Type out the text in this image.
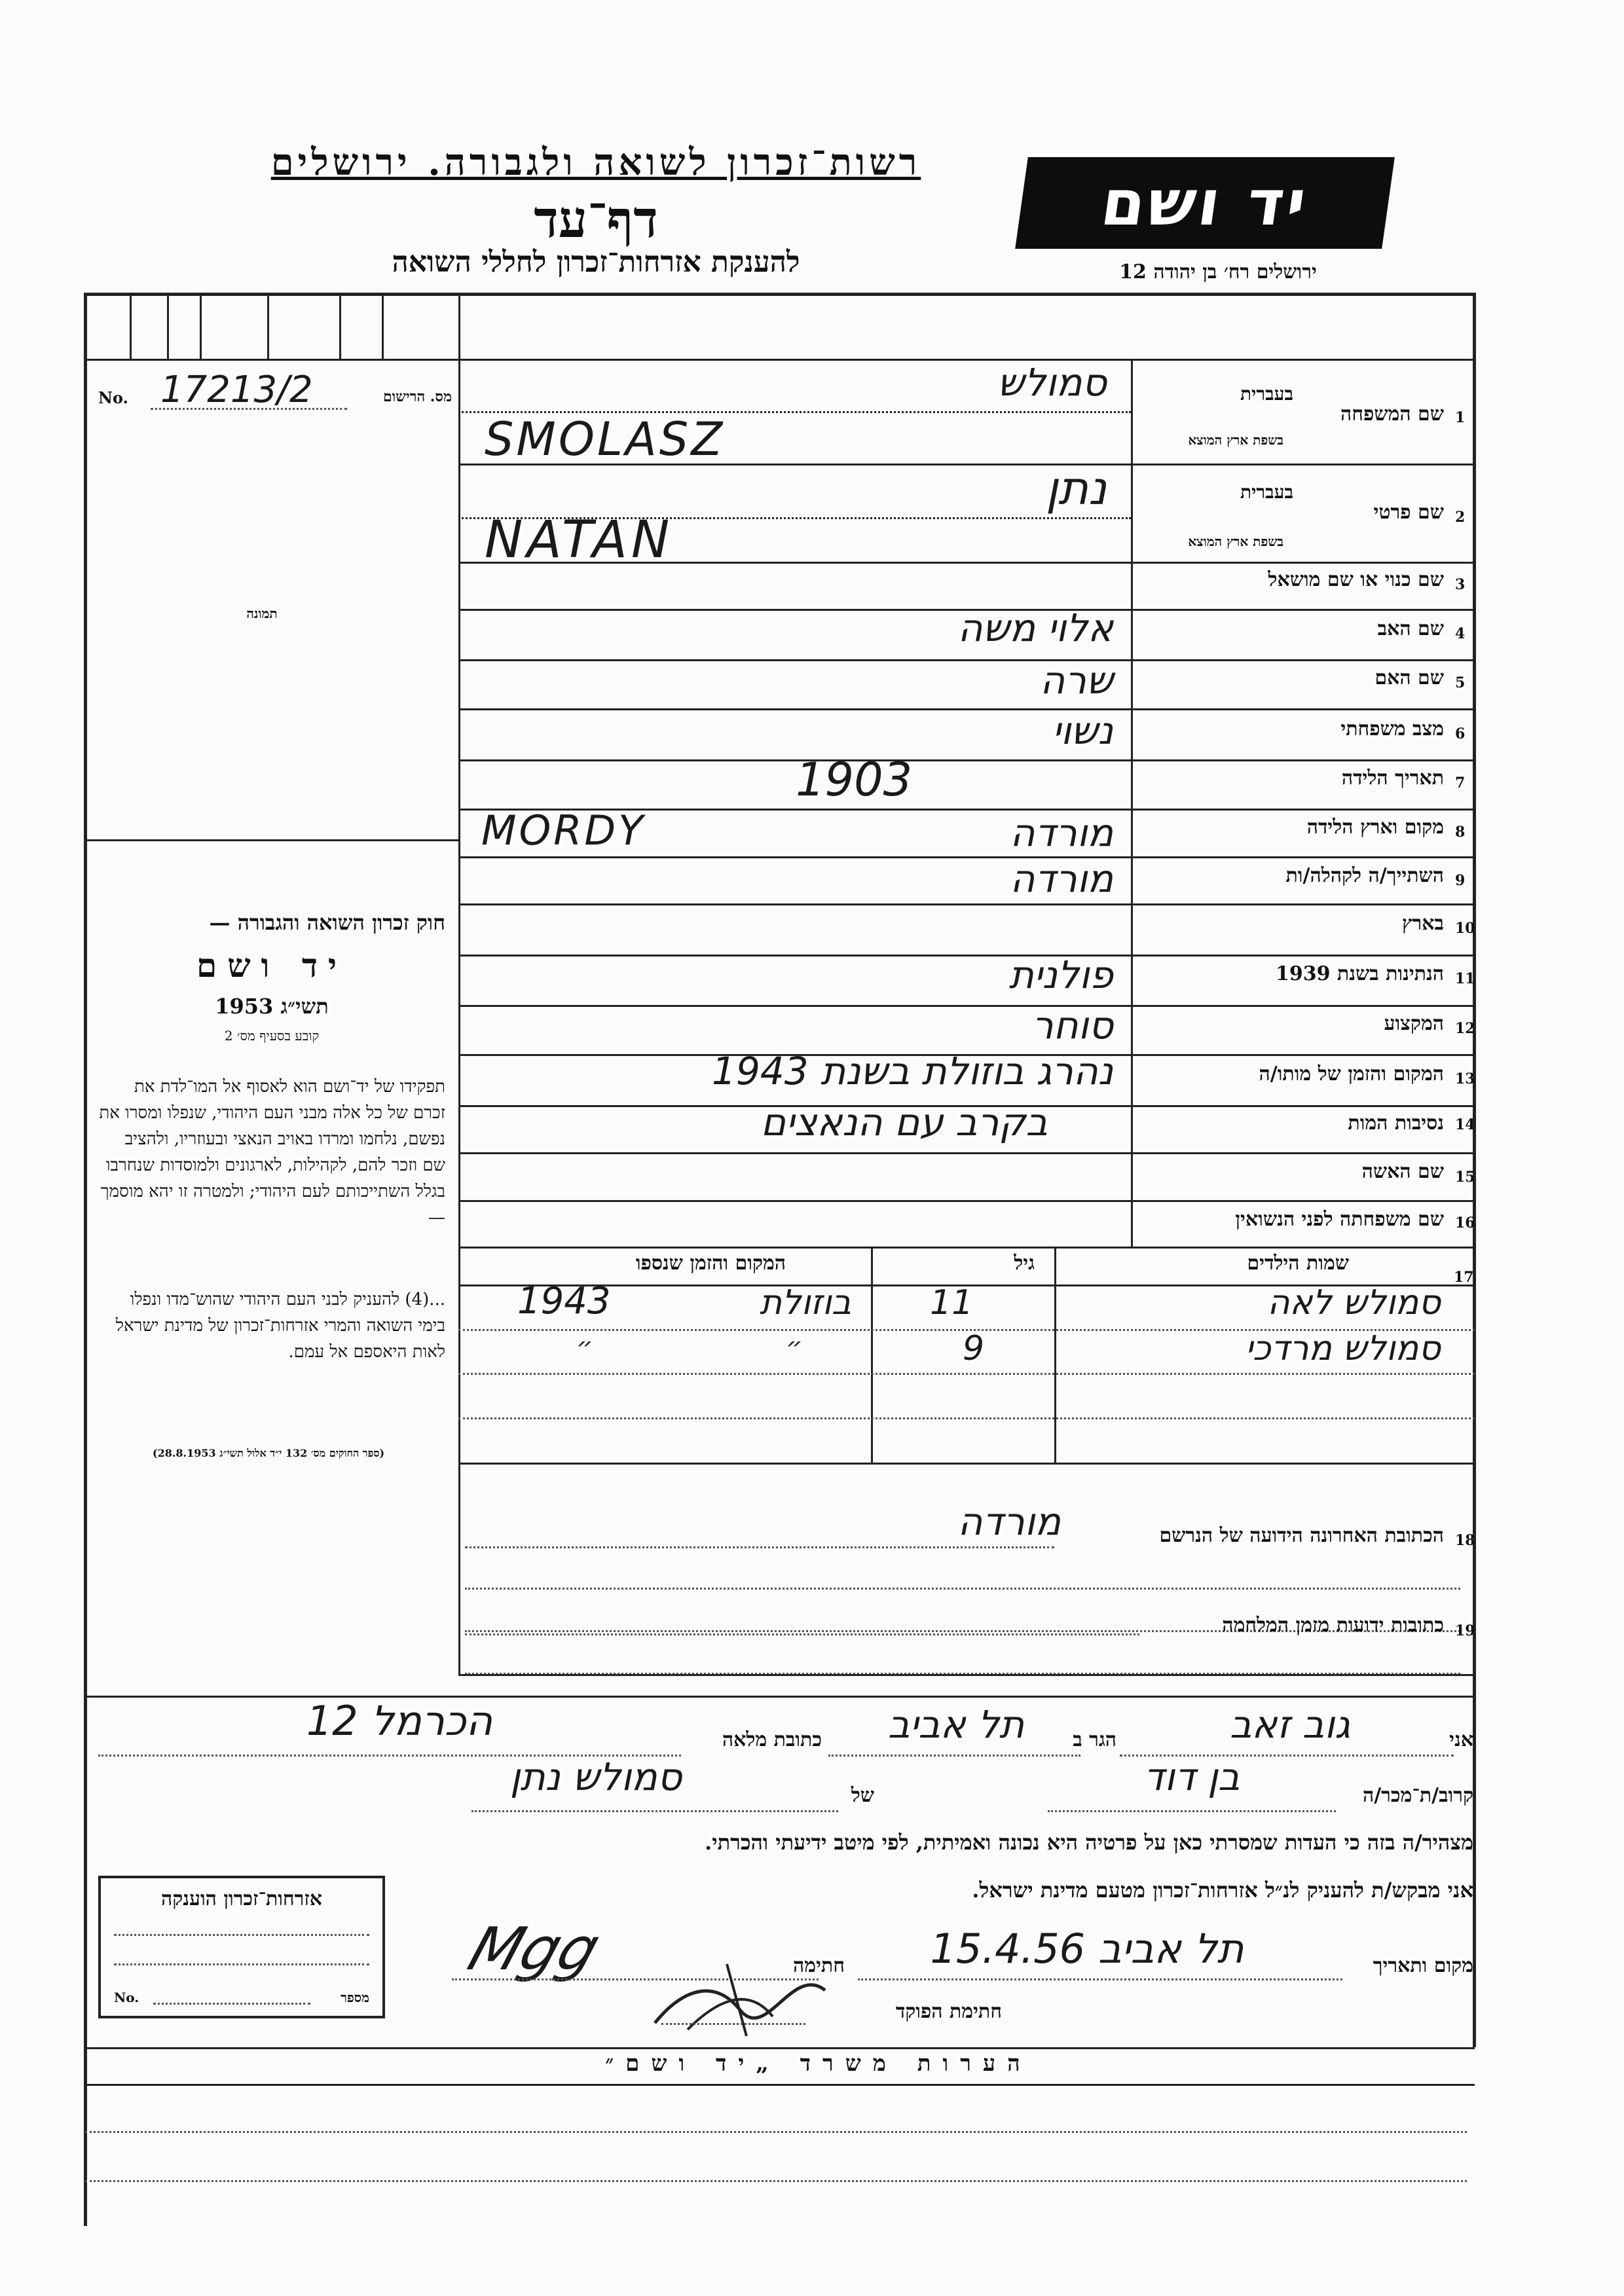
רשות־זכרון לשואה ולגבורה. ירושלים
דף־עד
להענקת אזרחות־זכרון לחללי השואה
יד ושם
ירושלים רח׳ בן יהודה 12
No. 17213/2	מס. הרישום
תמונה
חוק זכרון השואה והגבורה —
יד ושם
תשי״ג 1953
קובע בסעיף מס׳ 2
תפקידו של יד־ושם הוא לאסוף אל המו־לדת את זכרם של כל אלה מבני העם היהודי, שנפלו ומסרו את נפשם, נלחמו ומרדו באויב הנאצי ובעוזריו, ולהציב שם וזכר להם, לקהילות, לארגונים ולמוסדות שנחרבו בגלל השתייכותם לעם היהודי; ולמטרה זו יהא מוסמך —
...(4) להעניק לבני העם היהודי שהוש־מדו ונפלו בימי השואה והמרי אזרחות־זכרון של מדינת ישראל לאות היאספם אל עמם.
(ספר החוקים מס׳ 132 י״ד אלול תשי״ג 28.8.1953)
1
שם המשפחה
בעברית
בשפת ארץ המוצא
סמולש
SMOLASZ
2
שם פרטי
בעברית
בשפת ארץ המוצא
נתן
NATAN
3
שם כנוי או שם מושאל
4
שם האב
אלוי משה
5
שם האם
שרה
6
מצב משפחתי
נשוי
7
תאריך הלידה
1903
8
מקום וארץ הלידה
מורדה
MORDY
9
השתייך/ה לקהלה/ות
מורדה
10
בארץ
11
הנתינות בשנת 1939
פולנית
12
המקצוע
סוחר
13
המקום והזמן של מותו/ה
נהרג בוזולת בשנת 1943
14
נסיבות המות
בקרב עם הנאצים
15
שם האשה
16
שם משפחתה לפני הנשואין
17
שמות הילדים
גיל
המקום והזמן שנספו
סמולש לאה
11
בוזולת
1943
סמולש מרדכי
9
״
״
18
הכתובת האחרונה הידועה של הנרשם
מורדה
19
כתובות ידועות מזמן המלחמה
אני
גוב זאב
הגר ב
תל אביב
כתובת מלאה
הכרמל 12
קרוב/ת־מכר/ה
בן דוד
של
סמולש נתן
מצהיר/ה בזה כי העדות שמסרתי כאן על פרטיה היא נכונה ואמיתית, לפי מיטב ידיעתי והכרתי.
אני מבקש/ת להעניק לנ״ל אזרחות־זכרון מטעם מדינת ישראל.
מקום ותאריך
תל אביב 15.4.56
חתימה
Mgg
חתימת הפוקד
אזרחות־זכרון הוענקה
No.	מספר
הערות משרד „יד ושם״
